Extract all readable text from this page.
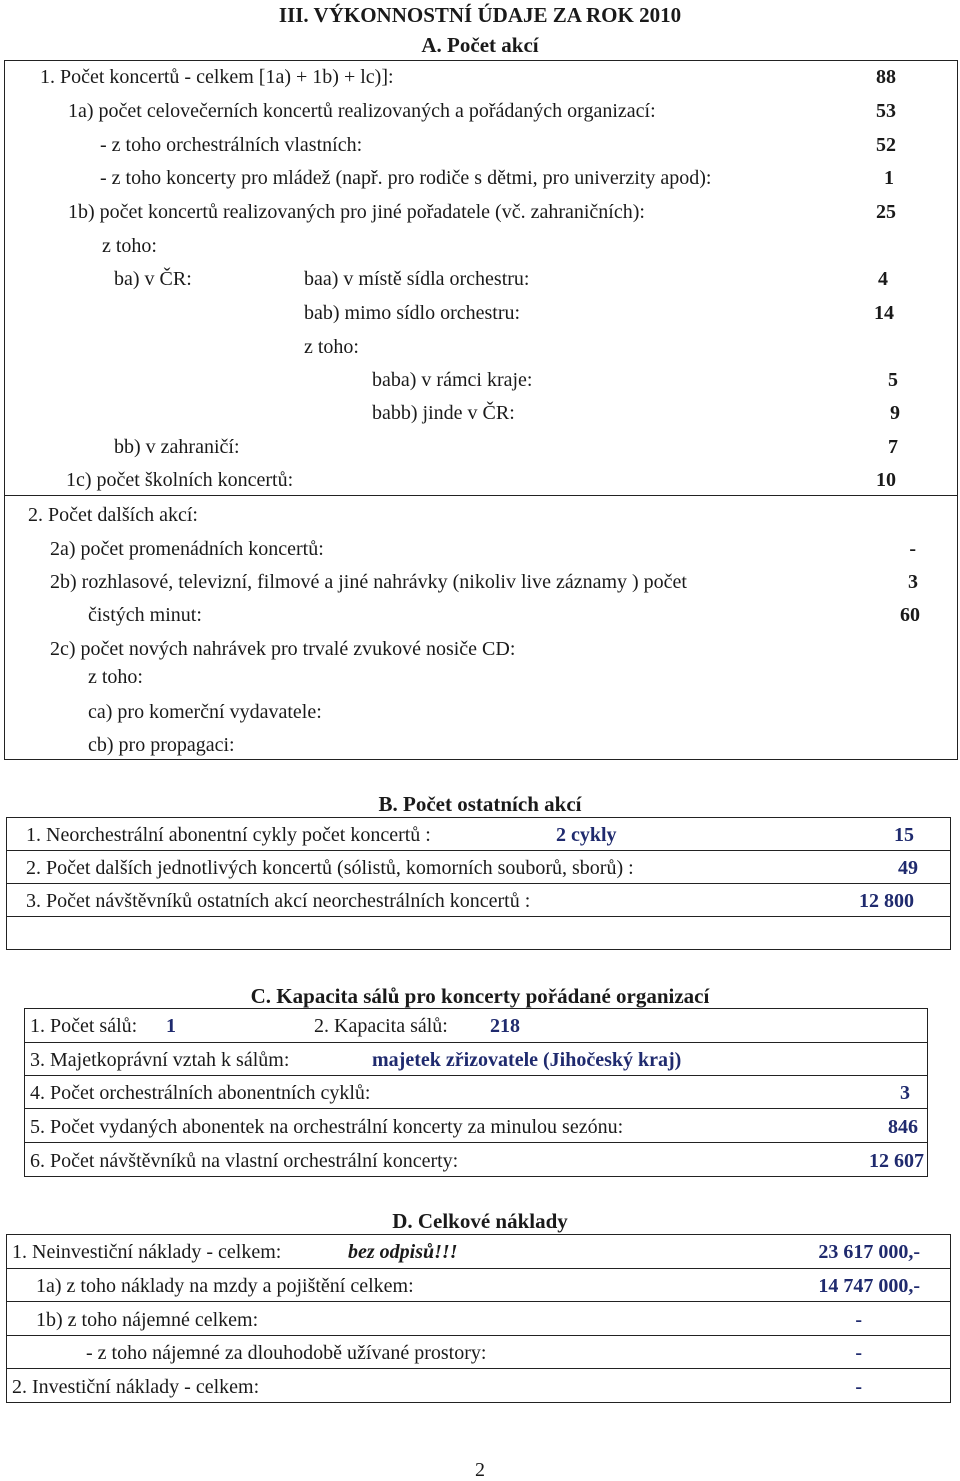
III. VÝKONNOSTNÍ ÚDAJE ZA ROK 2010
A. Počet akcí
1. Počet koncertů - celkem [1a) + 1b) + lc)]:	88
1a) počet celovečerních koncertů realizovaných a pořádaných organizací:	53
- z toho orchestrálních vlastních:	52
- z toho koncerty pro mládež (např. pro rodiče s dětmi, pro univerzity apod):	1
1b) počet koncertů realizovaných pro jiné pořadatele (vč. zahraničních):	25
z toho:
ba) v ČR:	baa) v místě sídla orchestru:	4
bab) mimo sídlo orchestru:	14
z toho:
baba) v rámci kraje:	5
babb) jinde v ČR:	9
bb) v zahraničí:	7
1c) počet školních koncertů:	10
2. Počet dalších akcí:
2a) počet promenádních koncertů:	-
2b) rozhlasové, televizní, filmové a jiné nahrávky (nikoliv live záznamy ) počet	3
čistých minut:	60
2c) počet nových nahrávek pro trvalé zvukové nosiče CD:
z toho:
ca) pro komerční vydavatele:
cb) pro propagaci:
B. Počet ostatních akcí
1. Neorchestrální abonentní cykly počet koncertů :	2 cykly	15
2. Počet dalších jednotlivých koncertů (sólistů, komorních souborů, sborů) :	49
3. Počet návštěvníků ostatních akcí neorchestrálních koncertů :	12 800
C. Kapacita sálů pro koncerty pořádané organizací
1. Počet sálů: 1	2. Kapacita sálů: 218
3. Majetkoprávní vztah k sálům:	majetek zřizovatele (Jihočeský kraj)
4. Počet orchestrálních abonentních cyklů:	3
5. Počet vydaných abonentek na orchestrální koncerty za minulou sezónu:	846
6. Počet návštěvníků na vlastní orchestrální koncerty:	12 607
D. Celkové náklady
1. Neinvestiční náklady - celkem:	bez odpisů!!!	23 617 000,-
1a) z toho náklady na mzdy a pojištění celkem:	14 747 000,-
1b) z toho nájemné celkem:	-
- z toho nájemné za dlouhodobě užívané prostory:	-
2. Investiční náklady - celkem:	-
2
